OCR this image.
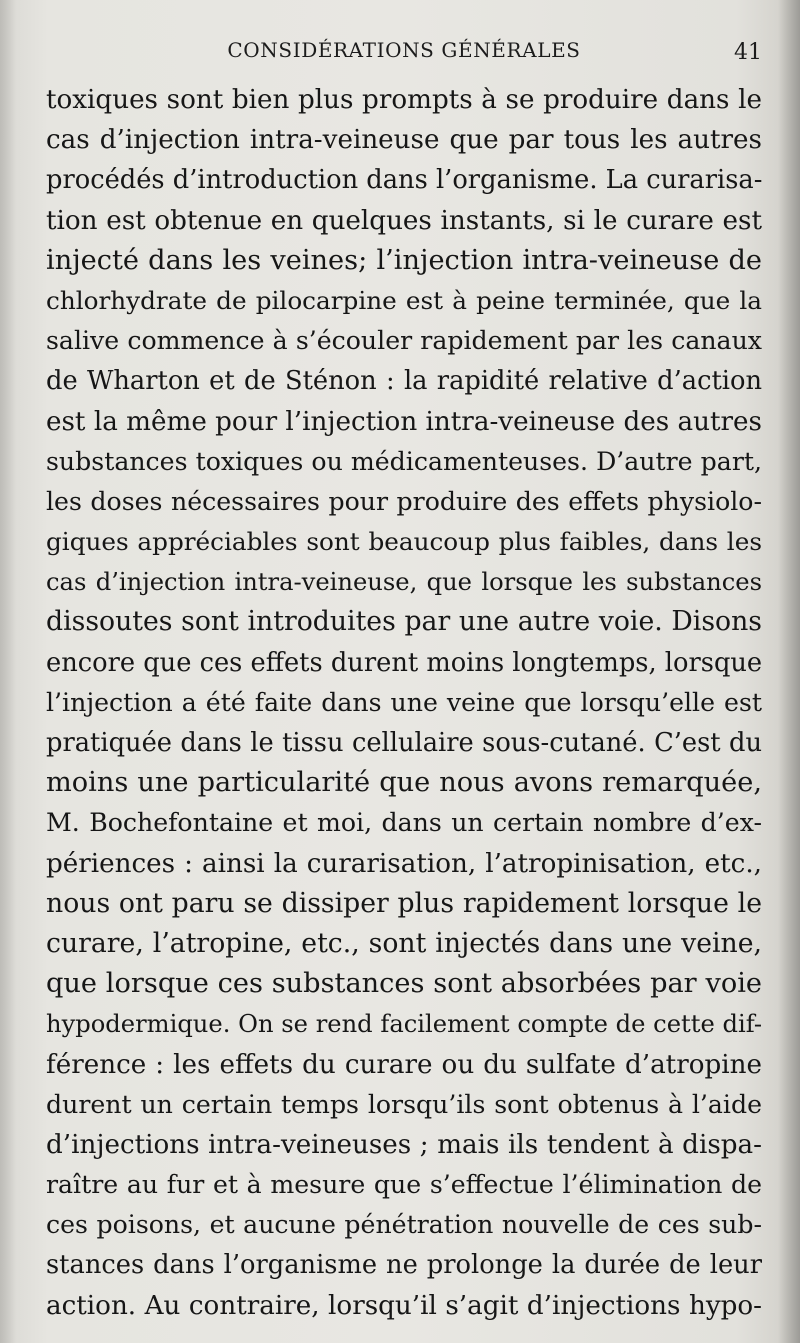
CONSIDÉRATIONS GÉNÉRALES	41
toxiques sont bien plus prompts à se produire dans le
cas d’injection intra-veineuse que par tous les autres
procédés d’introduction dans l’organisme. La curarisa-
tion est obtenue en quelques instants, si le curare est
injecté dans les veines; l’injection intra-veineuse de
chlorhydrate de pilocarpine est à peine terminée, que la
salive commence à s’écouler rapidement par les canaux
de Wharton et de Sténon : la rapidité relative d’action
est la même pour l’injection intra-veineuse des autres
substances toxiques ou médicamenteuses. D’autre part,
les doses nécessaires pour produire des effets physiolo-
giques appréciables sont beaucoup plus faibles, dans les
cas d’injection intra-veineuse, que lorsque les substances
dissoutes sont introduites par une autre voie. Disons
encore que ces effets durent moins longtemps, lorsque
l’injection a été faite dans une veine que lorsqu’elle est
pratiquée dans le tissu cellulaire sous-cutané. C’est du
moins une particularité que nous avons remarquée,
M. Bochefontaine et moi, dans un certain nombre d’ex-
périences : ainsi la curarisation, l’atropinisation, etc.,
nous ont paru se dissiper plus rapidement lorsque le
curare, l’atropine, etc., sont injectés dans une veine,
que lorsque ces substances sont absorbées par voie
hypodermique. On se rend facilement compte de cette dif-
férence : les effets du curare ou du sulfate d’atropine
durent un certain temps lorsqu’ils sont obtenus à l’aide
d’injections intra-veineuses ; mais ils tendent à dispa-
raître au fur et à mesure que s’effectue l’élimination de
ces poisons, et aucune pénétration nouvelle de ces sub-
stances dans l’organisme ne prolonge la durée de leur
action. Au contraire, lorsqu’il s’agit d’injections hypo-
